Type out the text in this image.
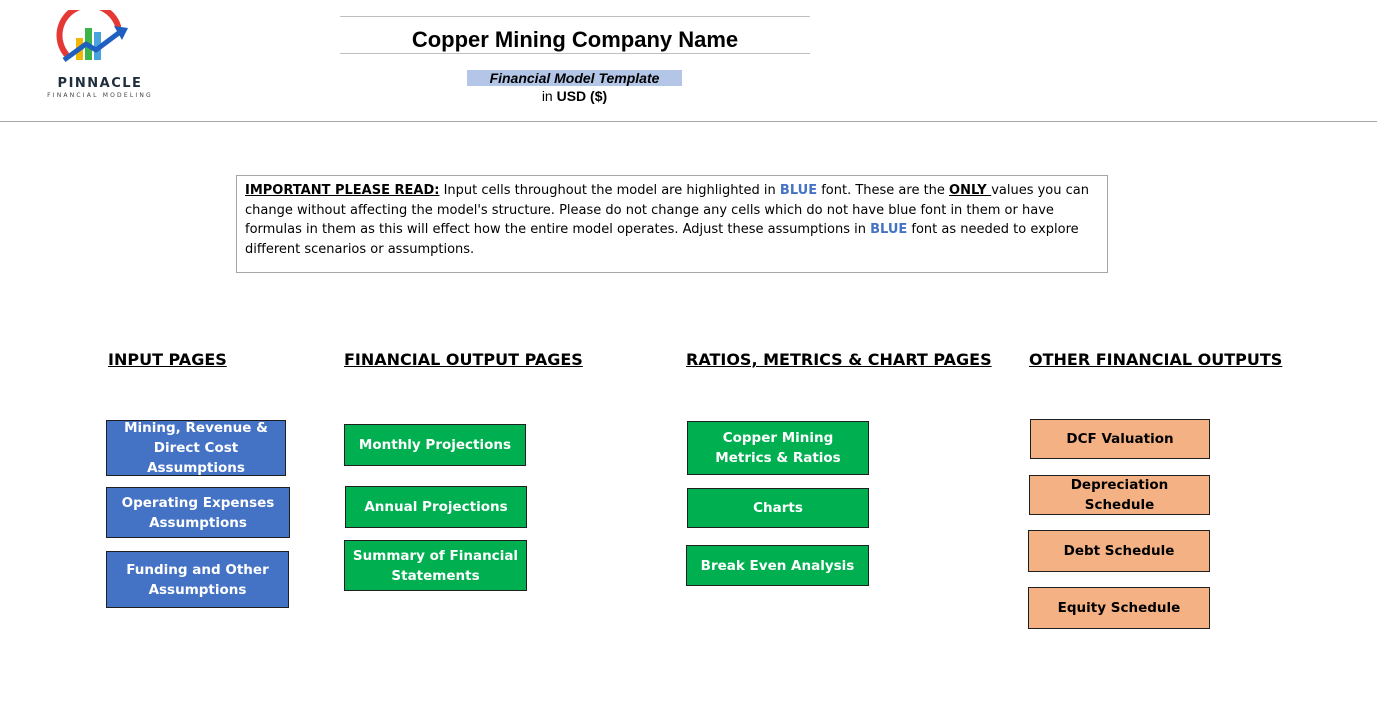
PINNACLE
FINANCIAL MODELING
Copper Mining Company Name
Financial Model Template
in USD ($)
IMPORTANT PLEASE READ: Input cells throughout the model are highlighted in BLUE font. These are the ONLY values you can change without affecting the model's structure. Please do not change any cells which do not have blue font in them or have formulas in them as this will effect how the entire model operates. Adjust these assumptions in BLUE font as needed to explore different scenarios or assumptions.
INPUT PAGES	FINANCIAL OUTPUT PAGES	RATIOS, METRICS & CHART PAGES OTHER FINANCIAL OUTPUTS
Mining, Revenue & Direct Cost Assumptions
Operating Expenses Assumptions
Funding and Other Assumptions
Monthly Projections
Annual Projections
Summary of Financial Statements
Copper Mining Metrics & Ratios
Charts
Break Even Analysis
DCF Valuation
Depreciation Schedule
Debt Schedule
Equity Schedule
